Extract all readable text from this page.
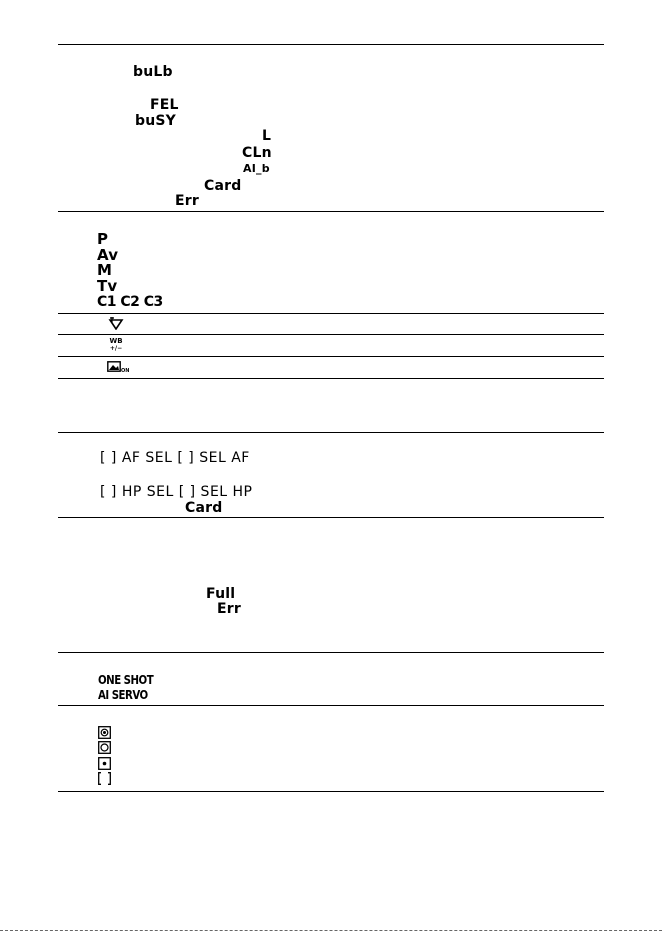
buLb
FEL
buSY
L
CLn
AI_b
Card
Err
P
Av
M
Tv
C1 C2 C3
WB
+/−
ON
[ ] AF SEL [ ] SEL AF
[ ] HP SEL [ ] SEL HP
Card
Full
Err
ONE SHOT
AI SERVO
